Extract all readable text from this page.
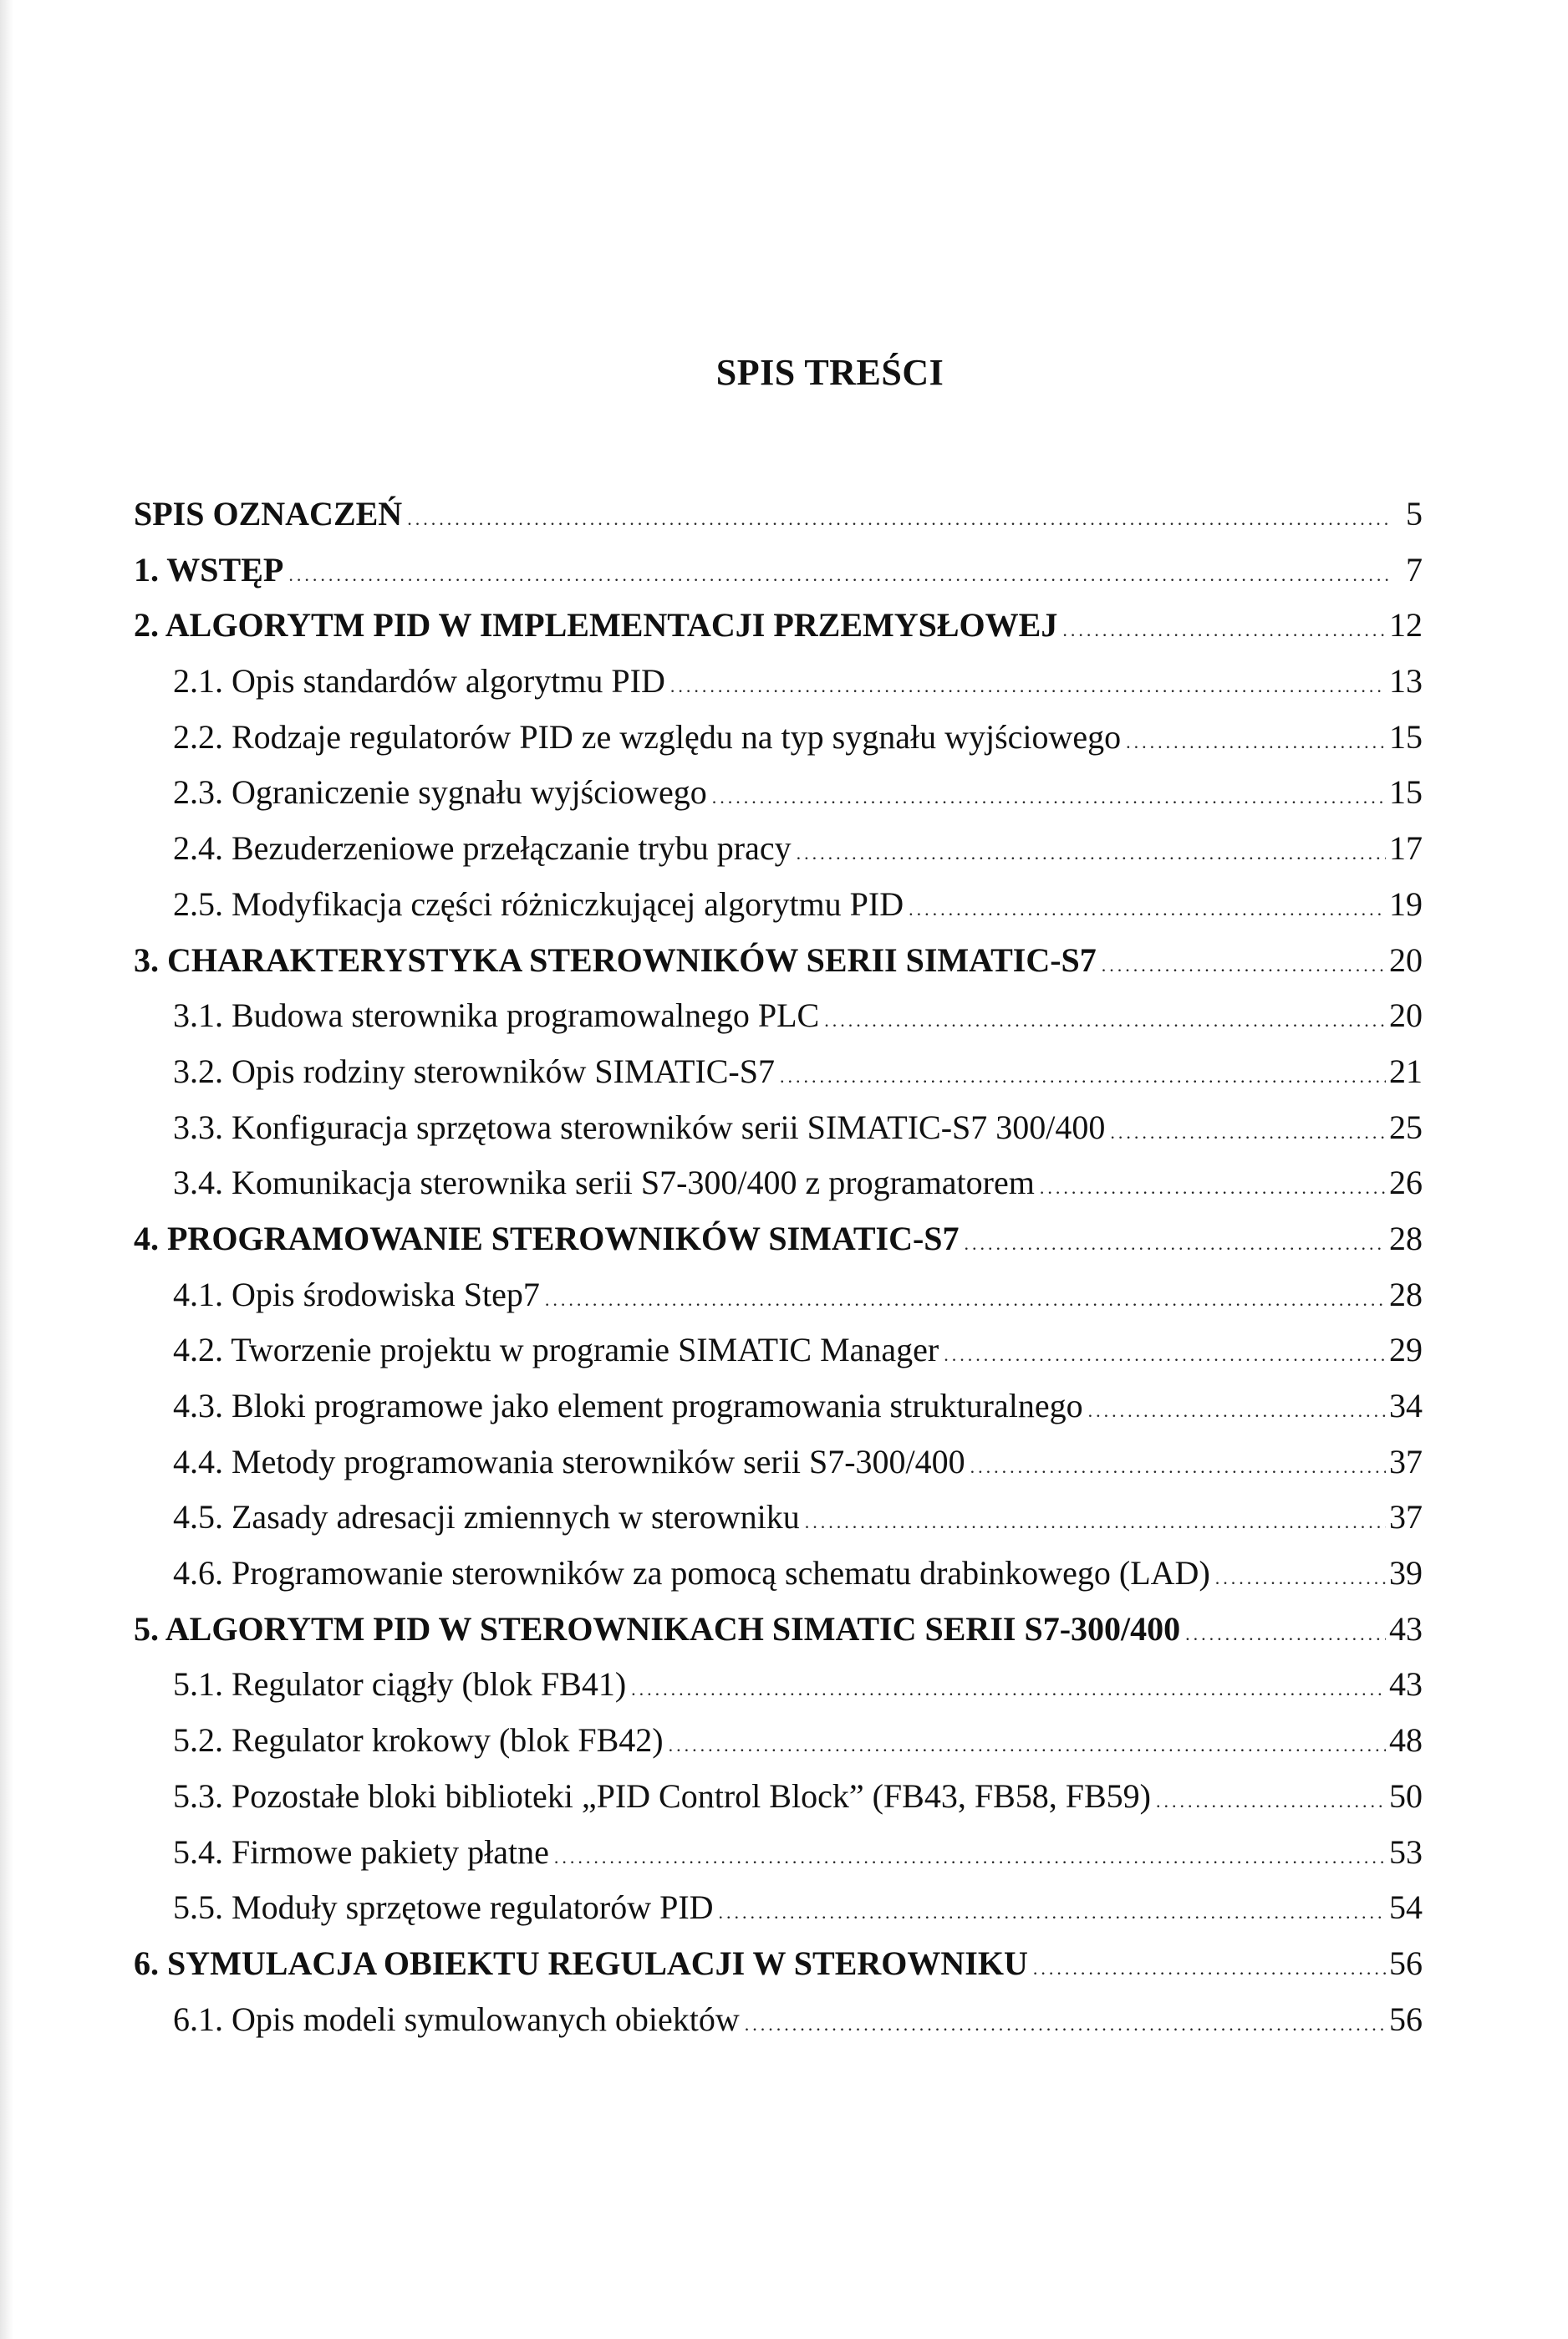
SPIS TREŚCI
SPIS OZNACZEŃ .....	5
1. WSTĘP .....	7
2. ALGORYTM PID W IMPLEMENTACJI PRZEMYSŁOWEJ .....	12
2.1. Opis standardów algorytmu PID .....	13
2.2. Rodzaje regulatorów PID ze względu na typ sygnału wyjściowego .....	15
2.3. Ograniczenie sygnału wyjściowego .....	15
2.4. Bezuderzeniowe przełączanie trybu pracy .....	17
2.5. Modyfikacja części różniczkującej algorytmu PID .....	19
3. CHARAKTERYSTYKA STEROWNIKÓW SERII SIMATIC-S7 .....	20
3.1. Budowa sterownika programowalnego PLC .....	20
3.2. Opis rodziny sterowników SIMATIC-S7 .....	21
3.3. Konfiguracja sprzętowa sterowników serii SIMATIC-S7 300/400 .....	25
3.4. Komunikacja sterownika serii S7-300/400 z programatorem .....	26
4. PROGRAMOWANIE STEROWNIKÓW SIMATIC-S7 .....	28
4.1. Opis środowiska Step7 .....	28
4.2. Tworzenie projektu w programie SIMATIC Manager .....	29
4.3. Bloki programowe jako element programowania strukturalnego .....	34
4.4. Metody programowania sterowników serii S7-300/400 .....	37
4.5. Zasady adresacji zmiennych w sterowniku .....	37
4.6. Programowanie sterowników za pomocą schematu drabinkowego (LAD) .....	39
5. ALGORYTM PID W STEROWNIKACH SIMATIC SERII S7-300/400 .....	43
5.1. Regulator ciągły (blok FB41) .....	43
5.2. Regulator krokowy (blok FB42) .....	48
5.3. Pozostałe bloki biblioteki „PID Control Block” (FB43, FB58, FB59) .....	50
5.4. Firmowe pakiety płatne .....	53
5.5. Moduły sprzętowe regulatorów PID .....	54
6. SYMULACJA OBIEKTU REGULACJI W STEROWNIKU .....	56
6.1. Opis modeli symulowanych obiektów .....	56
